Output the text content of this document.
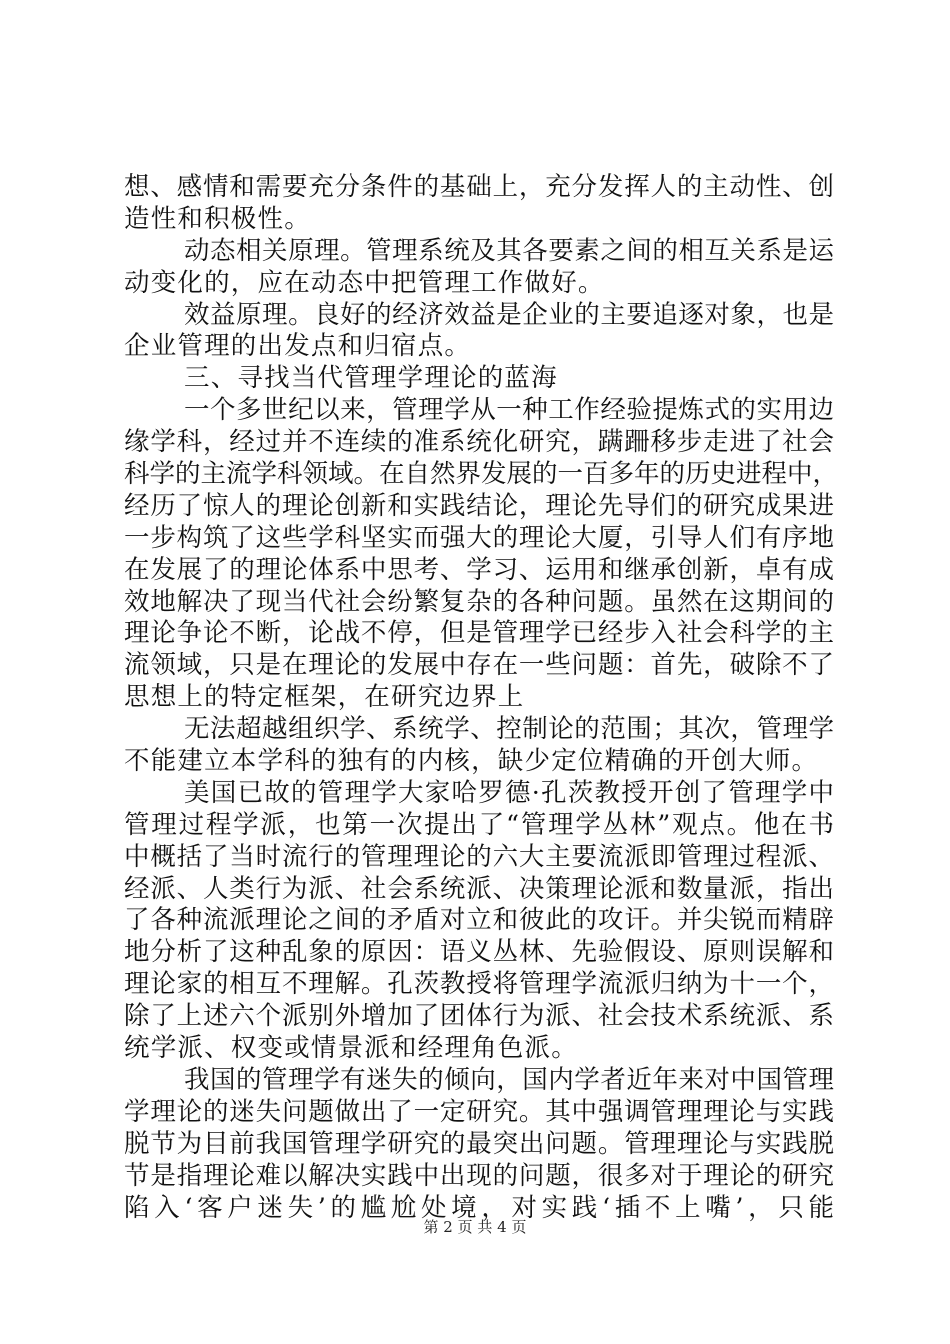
想、感情和需要充分条件的基础上，充分发挥人的主动性、创
造性和积极性。
动态相关原理。管理系统及其各要素之间的相互关系是运
动变化的，应在动态中把管理工作做好。
效益原理。良好的经济效益是企业的主要追逐对象，也是
企业管理的出发点和归宿点。
三、寻找当代管理学理论的蓝海
一个多世纪以来，管理学从一种工作经验提炼式的实用边
缘学科，经过并不连续的准系统化研究，蹒跚移步走进了社会
科学的主流学科领域。在自然界发展的一百多年的历史进程中，
经历了惊人的理论创新和实践结论，理论先导们的研究成果进
一步构筑了这些学科坚实而强大的理论大厦，引导人们有序地
在发展了的理论体系中思考、学习、运用和继承创新，卓有成
效地解决了现当代社会纷繁复杂的各种问题。虽然在这期间的
理论争论不断，论战不停，但是管理学已经步入社会科学的主
流领域，只是在理论的发展中存在一些问题：首先，破除不了
思想上的特定框架，在研究边界上
无法超越组织学、系统学、控制论的范围；其次，管理学
不能建立本学科的独有的内核，缺少定位精确的开创大师。
美国已故的管理学大家哈罗德·孔茨教授开创了管理学中
管理过程学派，也第一次提出了“管理学丛林”观点。他在书
中概括了当时流行的管理理论的六大主要流派即管理过程派、
经派、人类行为派、社会系统派、决策理论派和数量派，指出
了各种流派理论之间的矛盾对立和彼此的攻讦。并尖锐而精辟
地分析了这种乱象的原因：语义丛林、先验假设、原则误解和
理论家的相互不理解。孔茨教授将管理学流派归纳为十一个，
除了上述六个派别外增加了团体行为派、社会技术系统派、系
统学派、权变或情景派和经理角色派。
我国的管理学有迷失的倾向，国内学者近年来对中国管理
学理论的迷失问题做出了一定研究。其中强调管理理论与实践
脱节为目前我国管理学研究的最突出问题。管理理论与实践脱
节是指理论难以解决实践中出现的问题，很多对于理论的研究
陷入‘客户迷失’的尴尬处境，对实践‘插不上嘴’，只能
第 2 页 共 4 页
